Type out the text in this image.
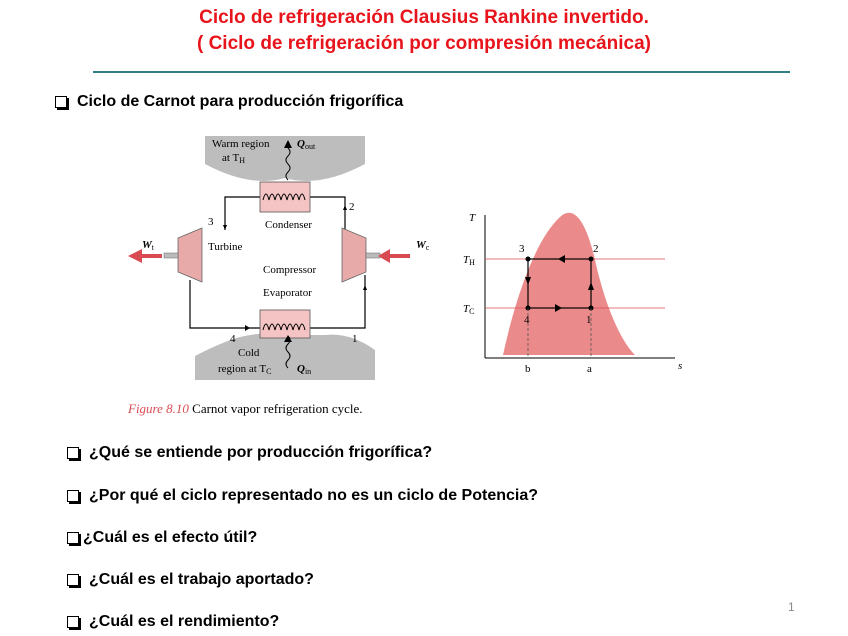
Ciclo de refrigeración Clausius Rankine invertido.
( Ciclo de refrigeración por compresión mecánica)
Ciclo de Carnot para producción frigorífica
Warm region
at TH
Qout
Condenser
Turbine
Compressor
Evaporator
Cold
region at TC Qin
Wt	Wc
3
2
4	1
Figure 8.10 Carnot vapor refrigeration cycle.
T
s
TH
TC
3	2
4	1
b	a
¿Qué se entiende por producción frigorífica?
¿Por qué el ciclo representado no es un ciclo de Potencia?
¿Cuál es el efecto útil?
¿Cuál es el trabajo aportado?
¿Cuál es el rendimiento?
1
